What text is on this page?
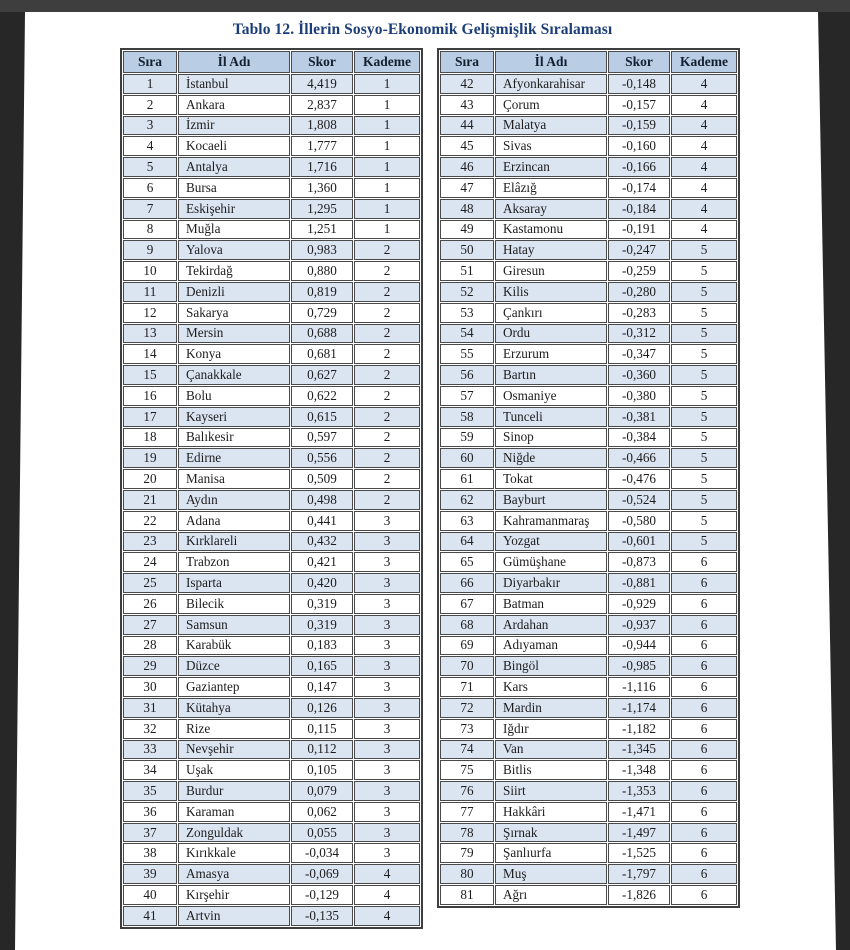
Tablo 12. İllerin Sosyo-Ekonomik Gelişmişlik Sıralaması
Sıra	İl Adı	Skor	Kademe
1	İstanbul	4,419	1
2	Ankara	2,837	1
3	İzmir	1,808	1
4	Kocaeli	1,777	1
5	Antalya	1,716	1
6	Bursa	1,360	1
7	Eskişehir	1,295	1
8	Muğla	1,251	1
9	Yalova	0,983	2
10	Tekirdağ	0,880	2
11	Denizli	0,819	2
12	Sakarya	0,729	2
13	Mersin	0,688	2
14	Konya	0,681	2
15	Çanakkale	0,627	2
16	Bolu	0,622	2
17	Kayseri	0,615	2
18	Balıkesir	0,597	2
19	Edirne	0,556	2
20	Manisa	0,509	2
21	Aydın	0,498	2
22	Adana	0,441	3
23	Kırklareli	0,432	3
24	Trabzon	0,421	3
25	Isparta	0,420	3
26	Bilecik	0,319	3
27	Samsun	0,319	3
28	Karabük	0,183	3
29	Düzce	0,165	3
30	Gaziantep	0,147	3
31	Kütahya	0,126	3
32	Rize	0,115	3
33	Nevşehir	0,112	3
34	Uşak	0,105	3
35	Burdur	0,079	3
36	Karaman	0,062	3
37	Zonguldak	0,055	3
38	Kırıkkale	-0,034	3
39	Amasya	-0,069	4
40	Kırşehir	-0,129	4
41	Artvin	-0,135	4
Sıra	İl Adı	Skor	Kademe
42	Afyonkarahisar	-0,148	4
43	Çorum	-0,157	4
44	Malatya	-0,159	4
45	Sivas	-0,160	4
46	Erzincan	-0,166	4
47	Elâzığ	-0,174	4
48	Aksaray	-0,184	4
49	Kastamonu	-0,191	4
50	Hatay	-0,247	5
51	Giresun	-0,259	5
52	Kilis	-0,280	5
53	Çankırı	-0,283	5
54	Ordu	-0,312	5
55	Erzurum	-0,347	5
56	Bartın	-0,360	5
57	Osmaniye	-0,380	5
58	Tunceli	-0,381	5
59	Sinop	-0,384	5
60	Niğde	-0,466	5
61	Tokat	-0,476	5
62	Bayburt	-0,524	5
63	Kahramanmaraş	-0,580	5
64	Yozgat	-0,601	5
65	Gümüşhane	-0,873	6
66	Diyarbakır	-0,881	6
67	Batman	-0,929	6
68	Ardahan	-0,937	6
69	Adıyaman	-0,944	6
70	Bingöl	-0,985	6
71	Kars	-1,116	6
72	Mardin	-1,174	6
73	Iğdır	-1,182	6
74	Van	-1,345	6
75	Bitlis	-1,348	6
76	Siirt	-1,353	6
77	Hakkâri	-1,471	6
78	Şırnak	-1,497	6
79	Şanlıurfa	-1,525	6
80	Muş	-1,797	6
81	Ağrı	-1,826	6
